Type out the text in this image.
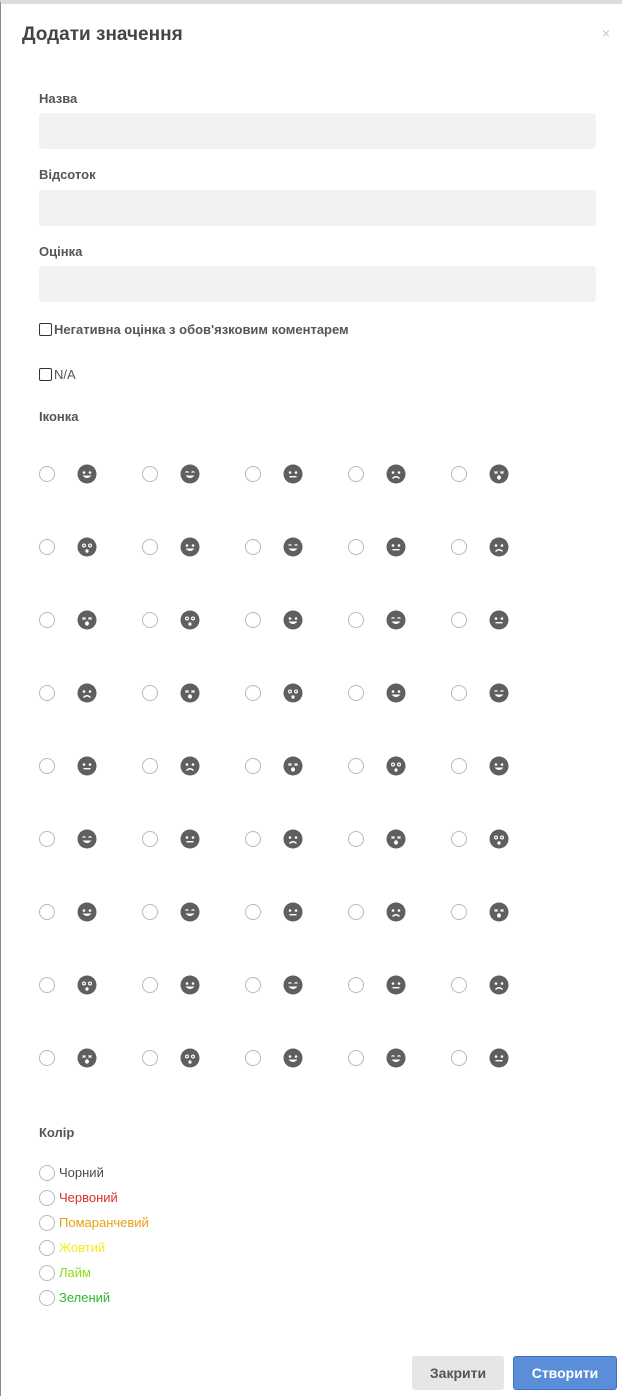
Додати значення	×
Назва
Відсоток
Оцінка
Негативна оцінка з обов'язковим коментарем
N/A
Іконка
Колір
Чорний
Червоний
Помаранчевий
Жовтий
Лайм
Зелений
Закрити	Створити
